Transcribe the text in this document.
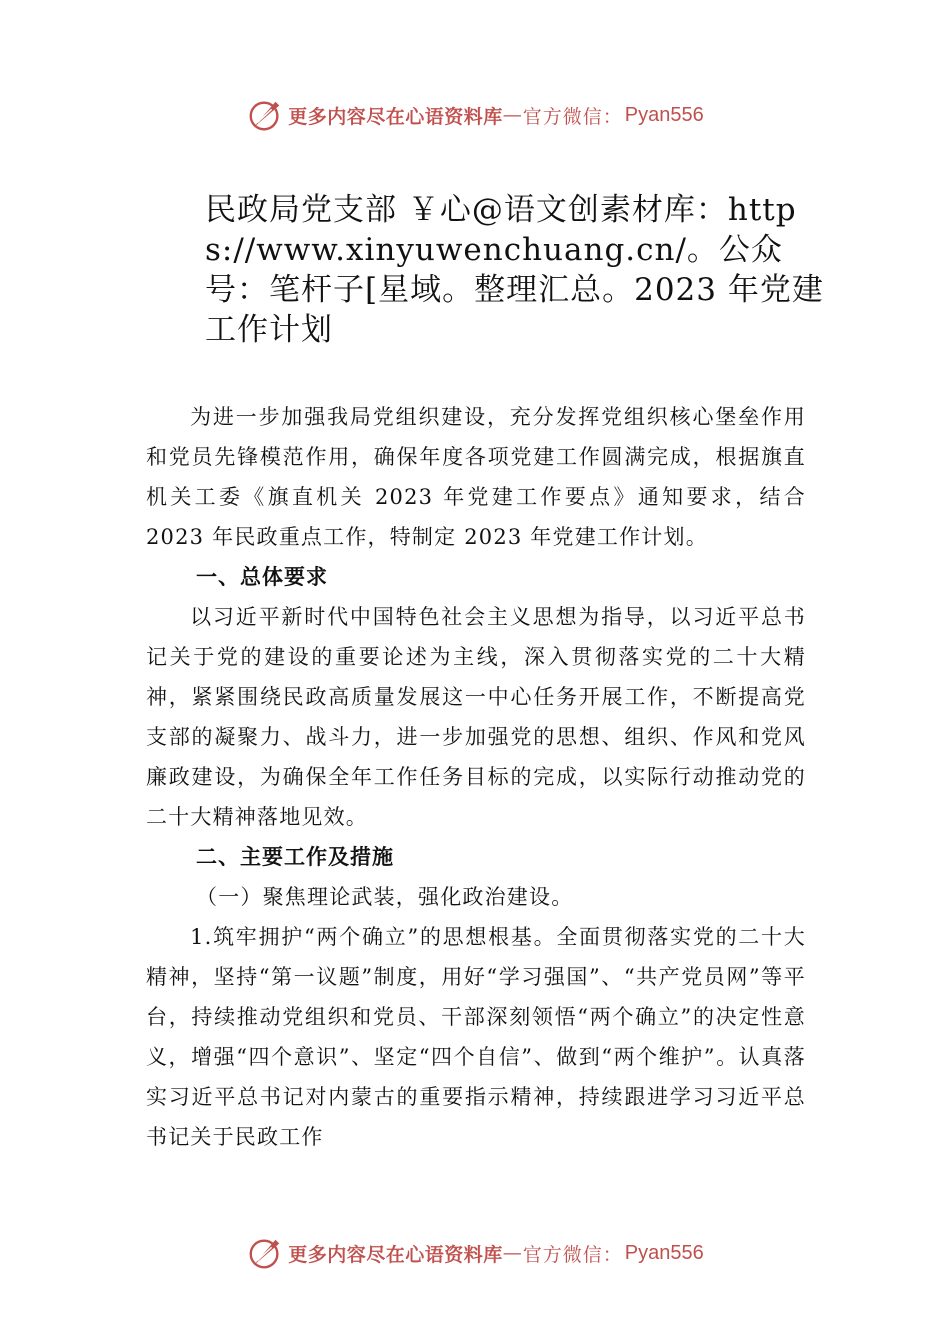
更多内容尽在心语资料库 — 官方微信： Pyan556
民政局党支部 ￥心@语文创素材库：https://www.xinyuwenchuang.cn/。公众号：笔杆子[星域。整理汇总。2023 年党建工作计划

为进一步加强我局党组织建设，充分发挥党组织核心堡垒作用和党员先锋模范作用，确保年度各项党建工作圆满完成，根据旗直机关工委《旗直机关 2023 年党建工作要点》通知要求，结合 2023 年民政重点工作，特制定 2023 年党建工作计划。

一、总体要求

以习近平新时代中国特色社会主义思想为指导，以习近平总书记关于党的建设的重要论述为主线，深入贯彻落实党的二十大精神，紧紧围绕民政高质量发展这一中心任务开展工作，不断提高党支部的凝聚力、战斗力，进一步加强党的思想、组织、作风和党风廉政建设，为确保全年工作任务目标的完成，以实际行动推动党的二十大精神落地见效。

二、主要工作及措施
（一）聚焦理论武装，强化政治建设。

1.筑牢拥护“两个确立”的思想根基。全面贯彻落实党的二十大精神，坚持“第一议题”制度，用好“学习强国”、“共产党员网”等平台，持续推动党组织和党员、干部深刻领悟“两个确立”的决定性意义，增强“四个意识”、坚定“四个自信”、做到“两个维护”。认真落实习近平总书记对内蒙古的重要指示精神，持续跟进学习习近平总书记关于民政工作

更多内容尽在心语资料库 — 官方微信： Pyan556
